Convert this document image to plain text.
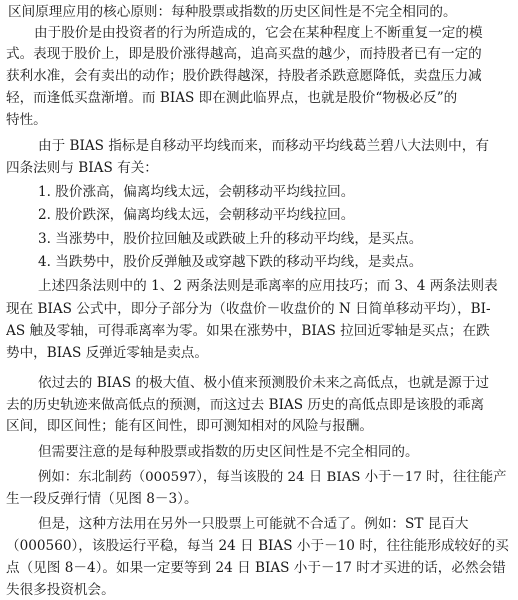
区间原理应用的核心原则：每种股票或指数的历史区间性是不完全相同的。
由于股价是由投资者的行为所造成的，它会在某种程度上不断重复一定的模
式。表现于股价上，即是股价涨得越高，追高买盘的越少，而持股者已有一定的
获利水准，会有卖出的动作；股价跌得越深，持股者杀跌意愿降低，卖盘压力减
轻，而逢低买盘渐增。而 BIAS 即在测此临界点，也就是股价“物极必反”的
特性。
由于 BIAS 指标是自移动平均线而来，而移动平均线葛兰碧八大法则中，有
四条法则与 BIAS 有关：
1. 股价涨高，偏离均线太远，会朝移动平均线拉回。
2. 股价跌深，偏离均线太远，会朝移动平均线拉回。
3. 当涨势中，股价拉回触及或跌破上升的移动平均线，是买点。
4. 当跌势中，股价反弹触及或穿越下跌的移动平均线，是卖点。
上述四条法则中的 1、2 两条法则是乖离率的应用技巧；而 3、4 两条法则表
现在 BIAS 公式中，即分子部分为（收盘价－收盘价的 N 日简单移动平均），BI-
AS 触及零轴，可得乖离率为零。如果在涨势中，BIAS 拉回近零轴是买点；在跌
势中，BIAS 反弹近零轴是卖点。
依过去的 BIAS 的极大值、极小值来预测股价未来之高低点，也就是源于过
去的历史轨迹来做高低点的预测，而这过去 BIAS 历史的高低点即是该股的乖离
区间，即区间性；能有区间性，即可测知相对的风险与报酬。
但需要注意的是每种股票或指数的历史区间性是不完全相同的。
例如：东北制药（000597），每当该股的 24 日 BIAS 小于－17 时，往往能产
生一段反弹行情（见图 8－3）。
但是，这种方法用在另外一只股票上可能就不合适了。例如：ST 昆百大
（000560），该股运行平稳，每当 24 日 BIAS 小于－10 时，往往能形成较好的买
点（见图 8－4）。如果一定要等到 24 日 BIAS 小于－17 时才买进的话，必然会错
失很多投资机会。
